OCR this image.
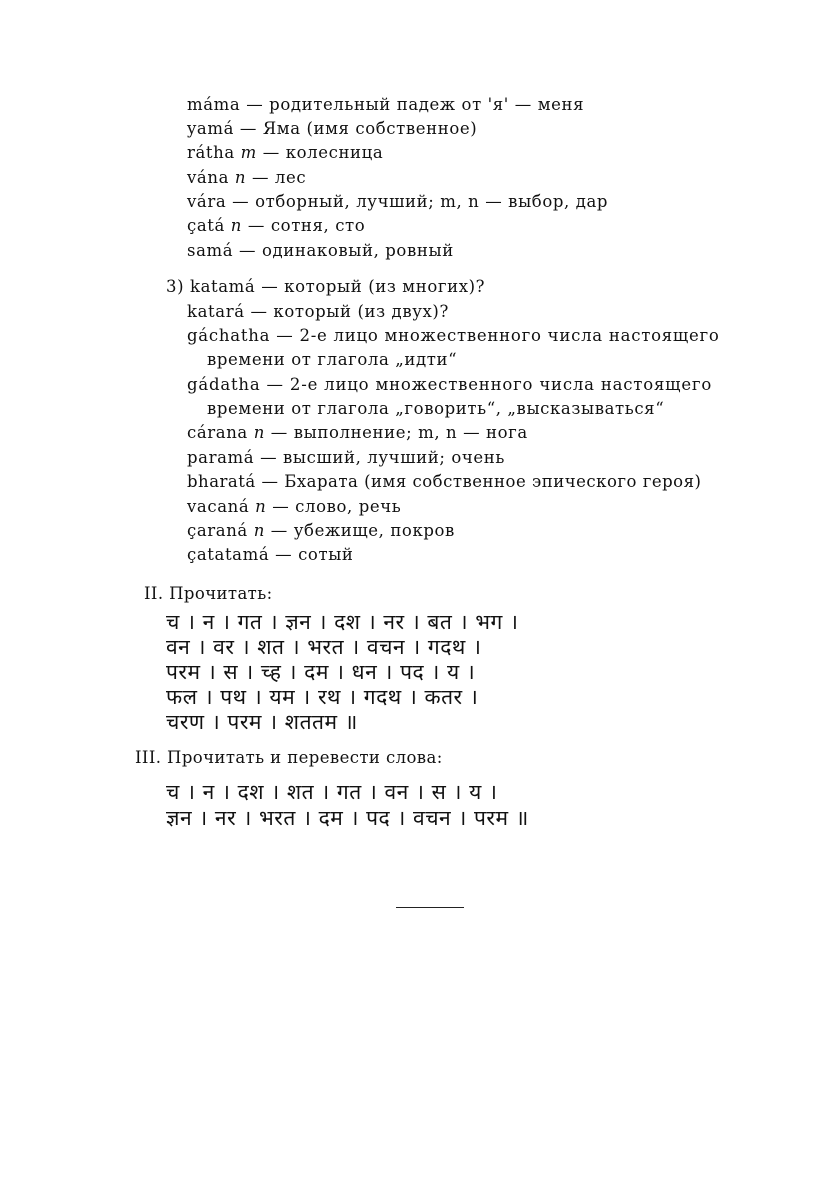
máma — родительный падеж от 'я' — меня
yamá — Яма (имя собственное)
rátha m — колесница
vána n — лес
vára — отборный, лучший; m, n — выбор, дар
çatá n — сотня, сто
samá — одинаковый, ровный
3) katamá — который (из многих)?
katará — который (из двух)?
gáchatha — 2-е лицо множественного числа настоящего
времени от глагола „идти“
gádatha — 2-е лицо множественного числа настоящего
времени от глагола „говорить“, „высказываться“
cárana n — выполнение; m, n — нога
paramá — высший, лучший; очень
bharatá — Бхарата (имя собственное эпического героя)
vacaná n — слово, речь
çaraná n — убежище, покров
çatatamá — сотый
II. Прочитать:
च । न । गत । ज्ञन । दश । नर । बत । भग ।
वन । वर । शत । भरत । वचन । गदथ ।
परम । स । च्ह । दम । धन । पद । य ।
फल । पथ । यम । रथ । गदथ । कतर ।
चरण । परम । शततम ॥
III. Прочитать и перевести слова:
च । न । दश । शत । गत । वन । स । य ।
ज्ञन । नर । भरत । दम । पद । वचन । परम ॥
